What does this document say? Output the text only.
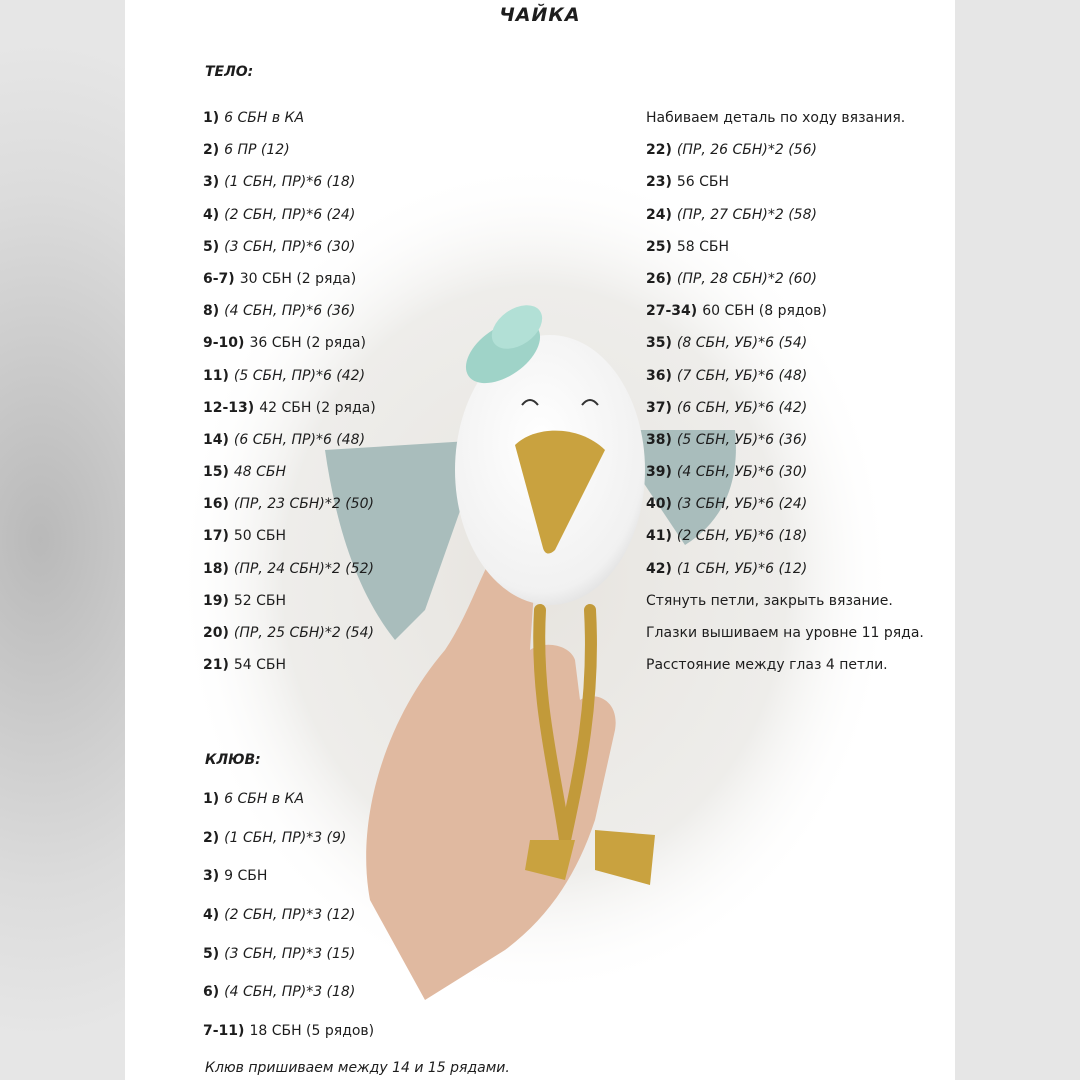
ЧАЙКА
ТЕЛО:
1) 6 СБН в КА
2) 6 ПР (12)
3) (1 СБН, ПР)*6 (18)
4) (2 СБН, ПР)*6 (24)
5) (3 СБН, ПР)*6 (30)
6-7) 30 СБН (2 ряда)
8) (4 СБН, ПР)*6 (36)
9-10) 36 СБН (2 ряда)
11) (5 СБН, ПР)*6 (42)
12-13) 42 СБН (2 ряда)
14) (6 СБН, ПР)*6 (48)
15) 48 СБН
16) (ПР, 23 СБН)*2 (50)
17) 50 СБН
18) (ПР, 24 СБН)*2 (52)
19) 52 СБН
20) (ПР, 25 СБН)*2 (54)
21) 54 СБН
Набиваем деталь по ходу вязания.
22) (ПР, 26 СБН)*2 (56)
23) 56 СБН
24) (ПР, 27 СБН)*2 (58)
25) 58 СБН
26) (ПР, 28 СБН)*2 (60)
27-34) 60 СБН (8 рядов)
35) (8 СБН, УБ)*6 (54)
36) (7 СБН, УБ)*6 (48)
37) (6 СБН, УБ)*6 (42)
38) (5 СБН, УБ)*6 (36)
39) (4 СБН, УБ)*6 (30)
40) (3 СБН, УБ)*6 (24)
41) (2 СБН, УБ)*6 (18)
42) (1 СБН, УБ)*6 (12)
Стянуть петли, закрыть вязание.
Глазки вышиваем на уровне 11 ряда.
Расстояние между глаз 4 петли.
КЛЮВ:
1) 6 СБН в КА
2) (1 СБН, ПР)*3 (9)
3) 9 СБН
4) (2 СБН, ПР)*3 (12)
5) (3 СБН, ПР)*3 (15)
6) (4 СБН, ПР)*3 (18)
7-11) 18 СБН (5 рядов)
Клюв пришиваем между 14 и 15 рядами.
